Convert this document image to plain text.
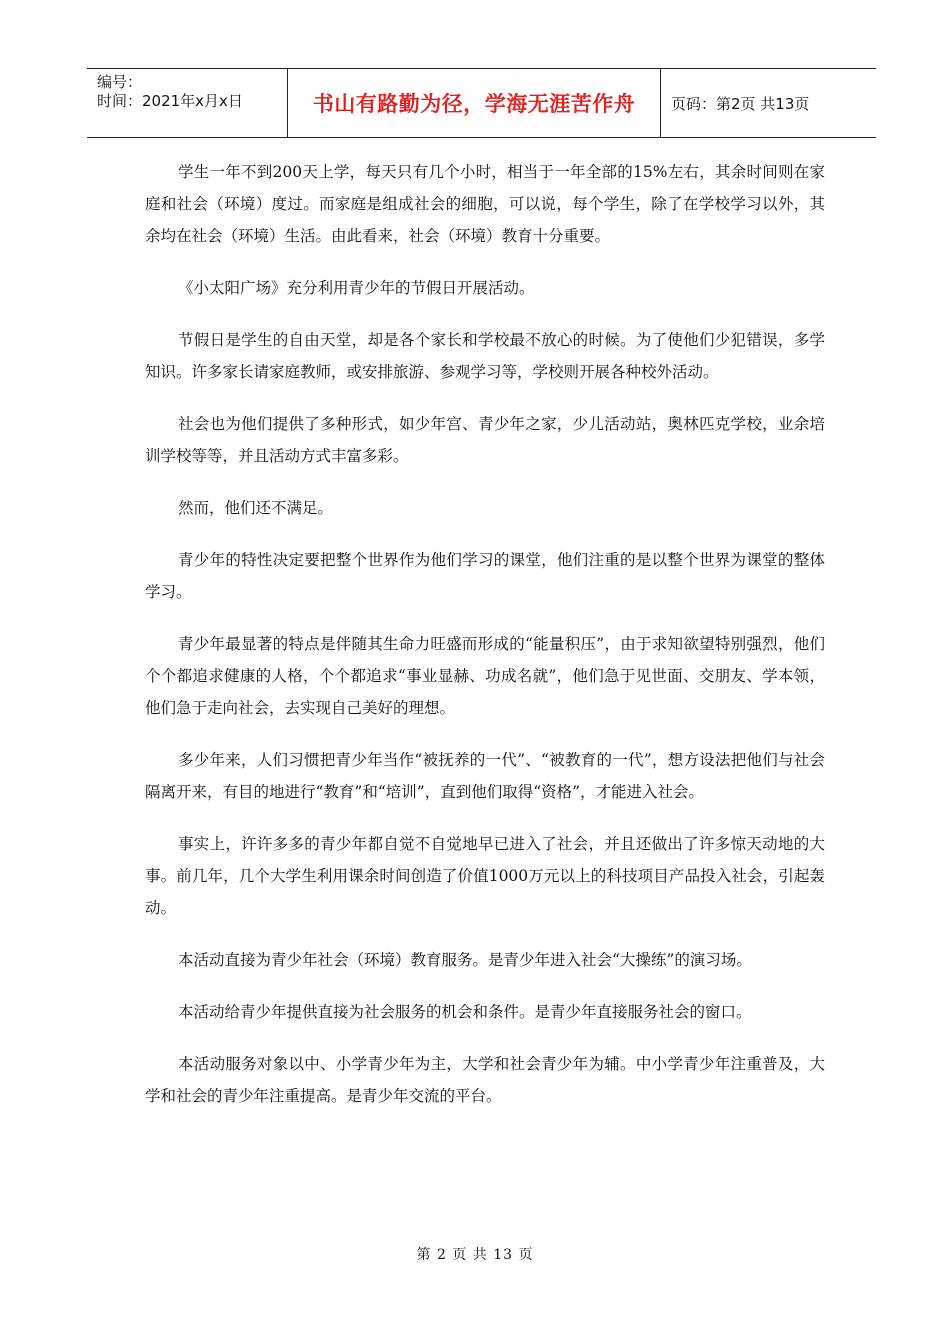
编号：
时间：2021年x月x日	书山有路勤为径，学海无涯苦作舟	页码：第2页 共13页

学生一年不到200天上学，每天只有几个小时，相当于一年全部的15%左右，其余时间则在家庭和社会（环境）度过。而家庭是组成社会的细胞，可以说，每个学生，除了在学校学习以外，其余均在社会（环境）生活。由此看来，社会（环境）教育十分重要。

《小太阳广场》充分利用青少年的节假日开展活动。

节假日是学生的自由天堂，却是各个家长和学校最不放心的时候。为了使他们少犯错误，多学知识。许多家长请家庭教师，或安排旅游、参观学习等，学校则开展各种校外活动。

社会也为他们提供了多种形式，如少年宫、青少年之家，少儿活动站，奥林匹克学校，业余培训学校等等，并且活动方式丰富多彩。

然而，他们还不满足。

青少年的特性决定要把整个世界作为他们学习的课堂，他们注重的是以整个世界为课堂的整体学习。

青少年最显著的特点是伴随其生命力旺盛而形成的“能量积压”，由于求知欲望特别强烈，他们个个都追求健康的人格，个个都追求“事业显赫、功成名就”，他们急于见世面、交朋友、学本领，他们急于走向社会，去实现自己美好的理想。

多少年来，人们习惯把青少年当作“被抚养的一代”、“被教育的一代”，想方设法把他们与社会隔离开来，有目的地进行“教育”和“培训”，直到他们取得“资格”，才能进入社会。

事实上，许许多多的青少年都自觉不自觉地早已进入了社会，并且还做出了许多惊天动地的大事。前几年，几个大学生利用课余时间创造了价值1000万元以上的科技项目产品投入社会，引起轰动。

本活动直接为青少年社会（环境）教育服务。是青少年进入社会“大操练”的演习场。

本活动给青少年提供直接为社会服务的机会和条件。是青少年直接服务社会的窗口。

本活动服务对象以中、小学青少年为主，大学和社会青少年为辅。中小学青少年注重普及，大学和社会的青少年注重提高。是青少年交流的平台。

第 2 页 共 13 页
